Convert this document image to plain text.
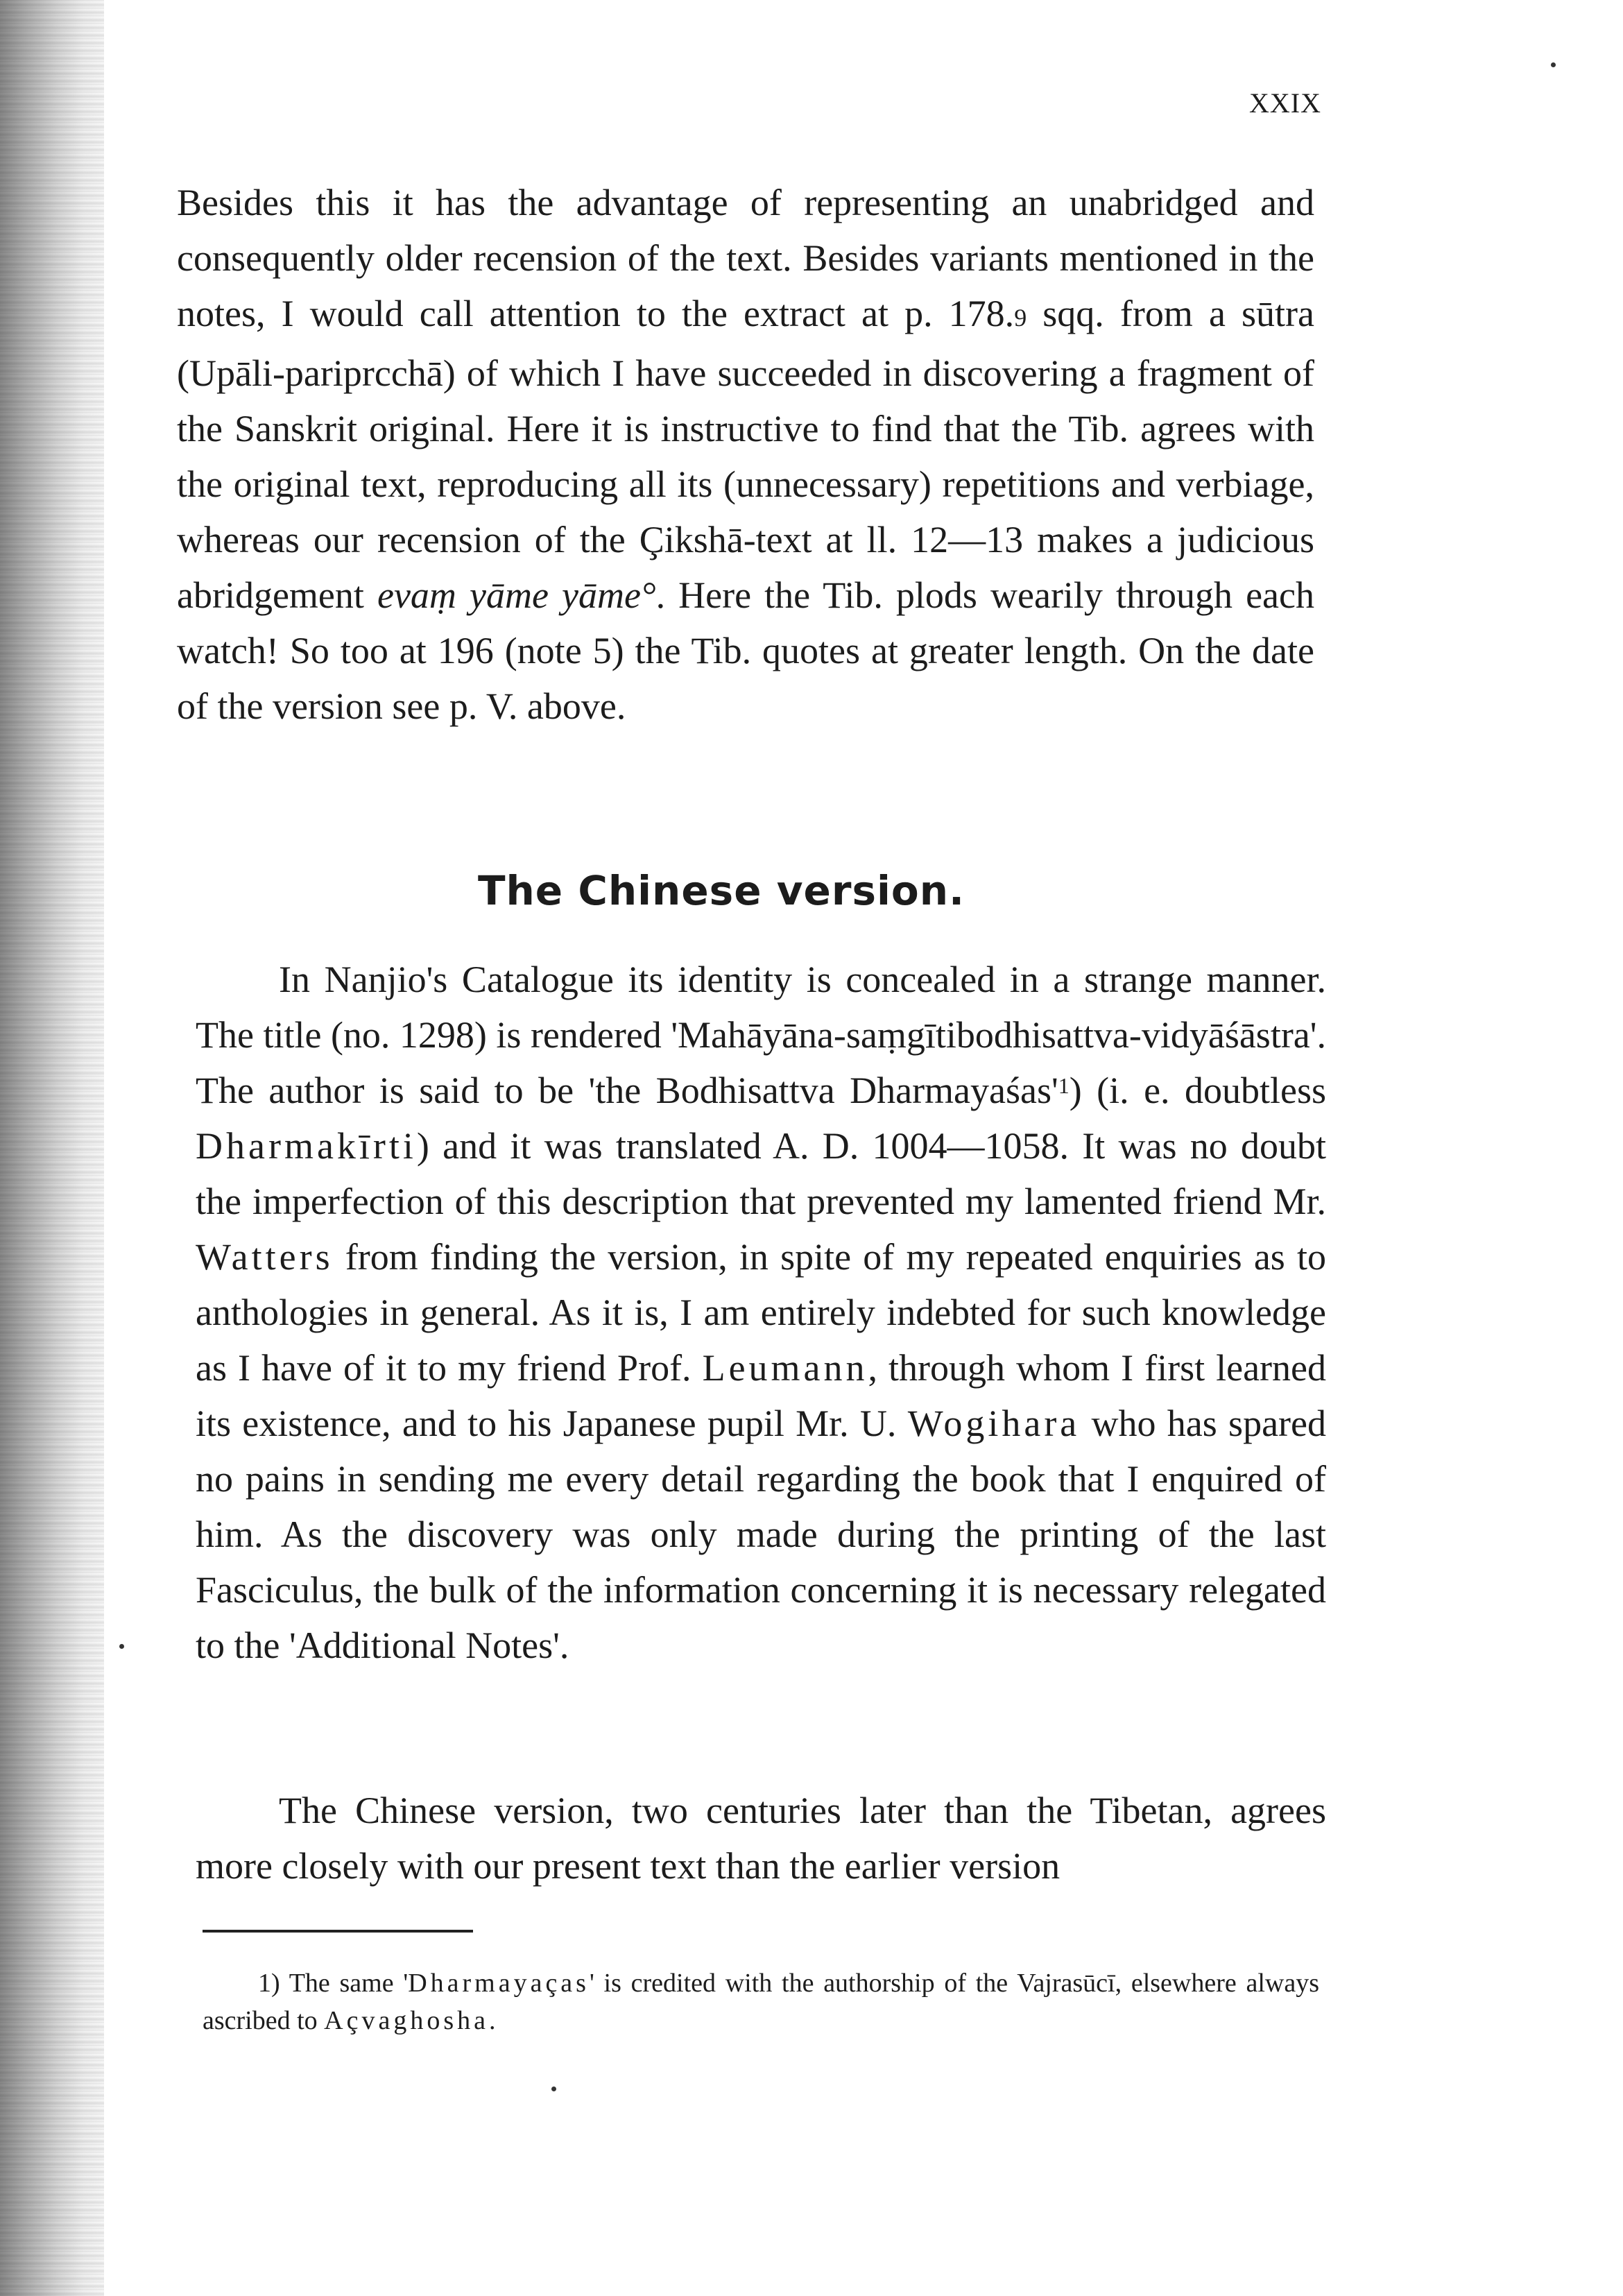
XXIX

Besides this it has the advantage of representing an unabridged and consequently older recension of the text. Besides variants mentioned in the notes, I would call attention to the extract at p. 178.9 sqq. from a sūtra (Upāli-pariprcchā) of which I have succeeded in discovering a fragment of the Sanskrit original. Here it is instructive to find that the Tib. agrees with the original text, reproducing all its (unnecessary) repetitions and verbiage, whereas our recension of the Çikshā-text at ll. 12—13 makes a judicious abridgement evaṃ yāme yāme°. Here the Tib. plods wearily through each watch! So too at 196 (note 5) the Tib. quotes at greater length. On the date of the version see p. V. above.

The Chinese version.

In Nanjio's Catalogue its identity is concealed in a strange manner. The title (no. 1298) is rendered 'Mahāyāna-saṃgītibodhisattva-vidyāśāstra'. The author is said to be 'the Bodhisattva Dharmayaśas'$^1$) (i. e. doubtless Dharmakīrti) and it was translated A. D. 1004—1058. It was no doubt the imperfection of this description that prevented my lamented friend Mr. Watters from finding the version, in spite of my repeated enquiries as to anthologies in general. As it is, I am entirely indebted for such knowledge as I have of it to my friend Prof. Leumann, through whom I first learned its existence, and to his Japanese pupil Mr. U. Wogihara who has spared no pains in sending me every detail regarding the book that I enquired of him. As the discovery was only made during the printing of the last Fasciculus, the bulk of the information concerning it is necessary relegated to the 'Additional Notes'.

The Chinese version, two centuries later than the Tibetan, agrees more closely with our present text than the earlier version

1) The same 'Dharmayaças' is credited with the authorship of the Vajrasūcī, elsewhere always ascribed to Açvaghosha.
